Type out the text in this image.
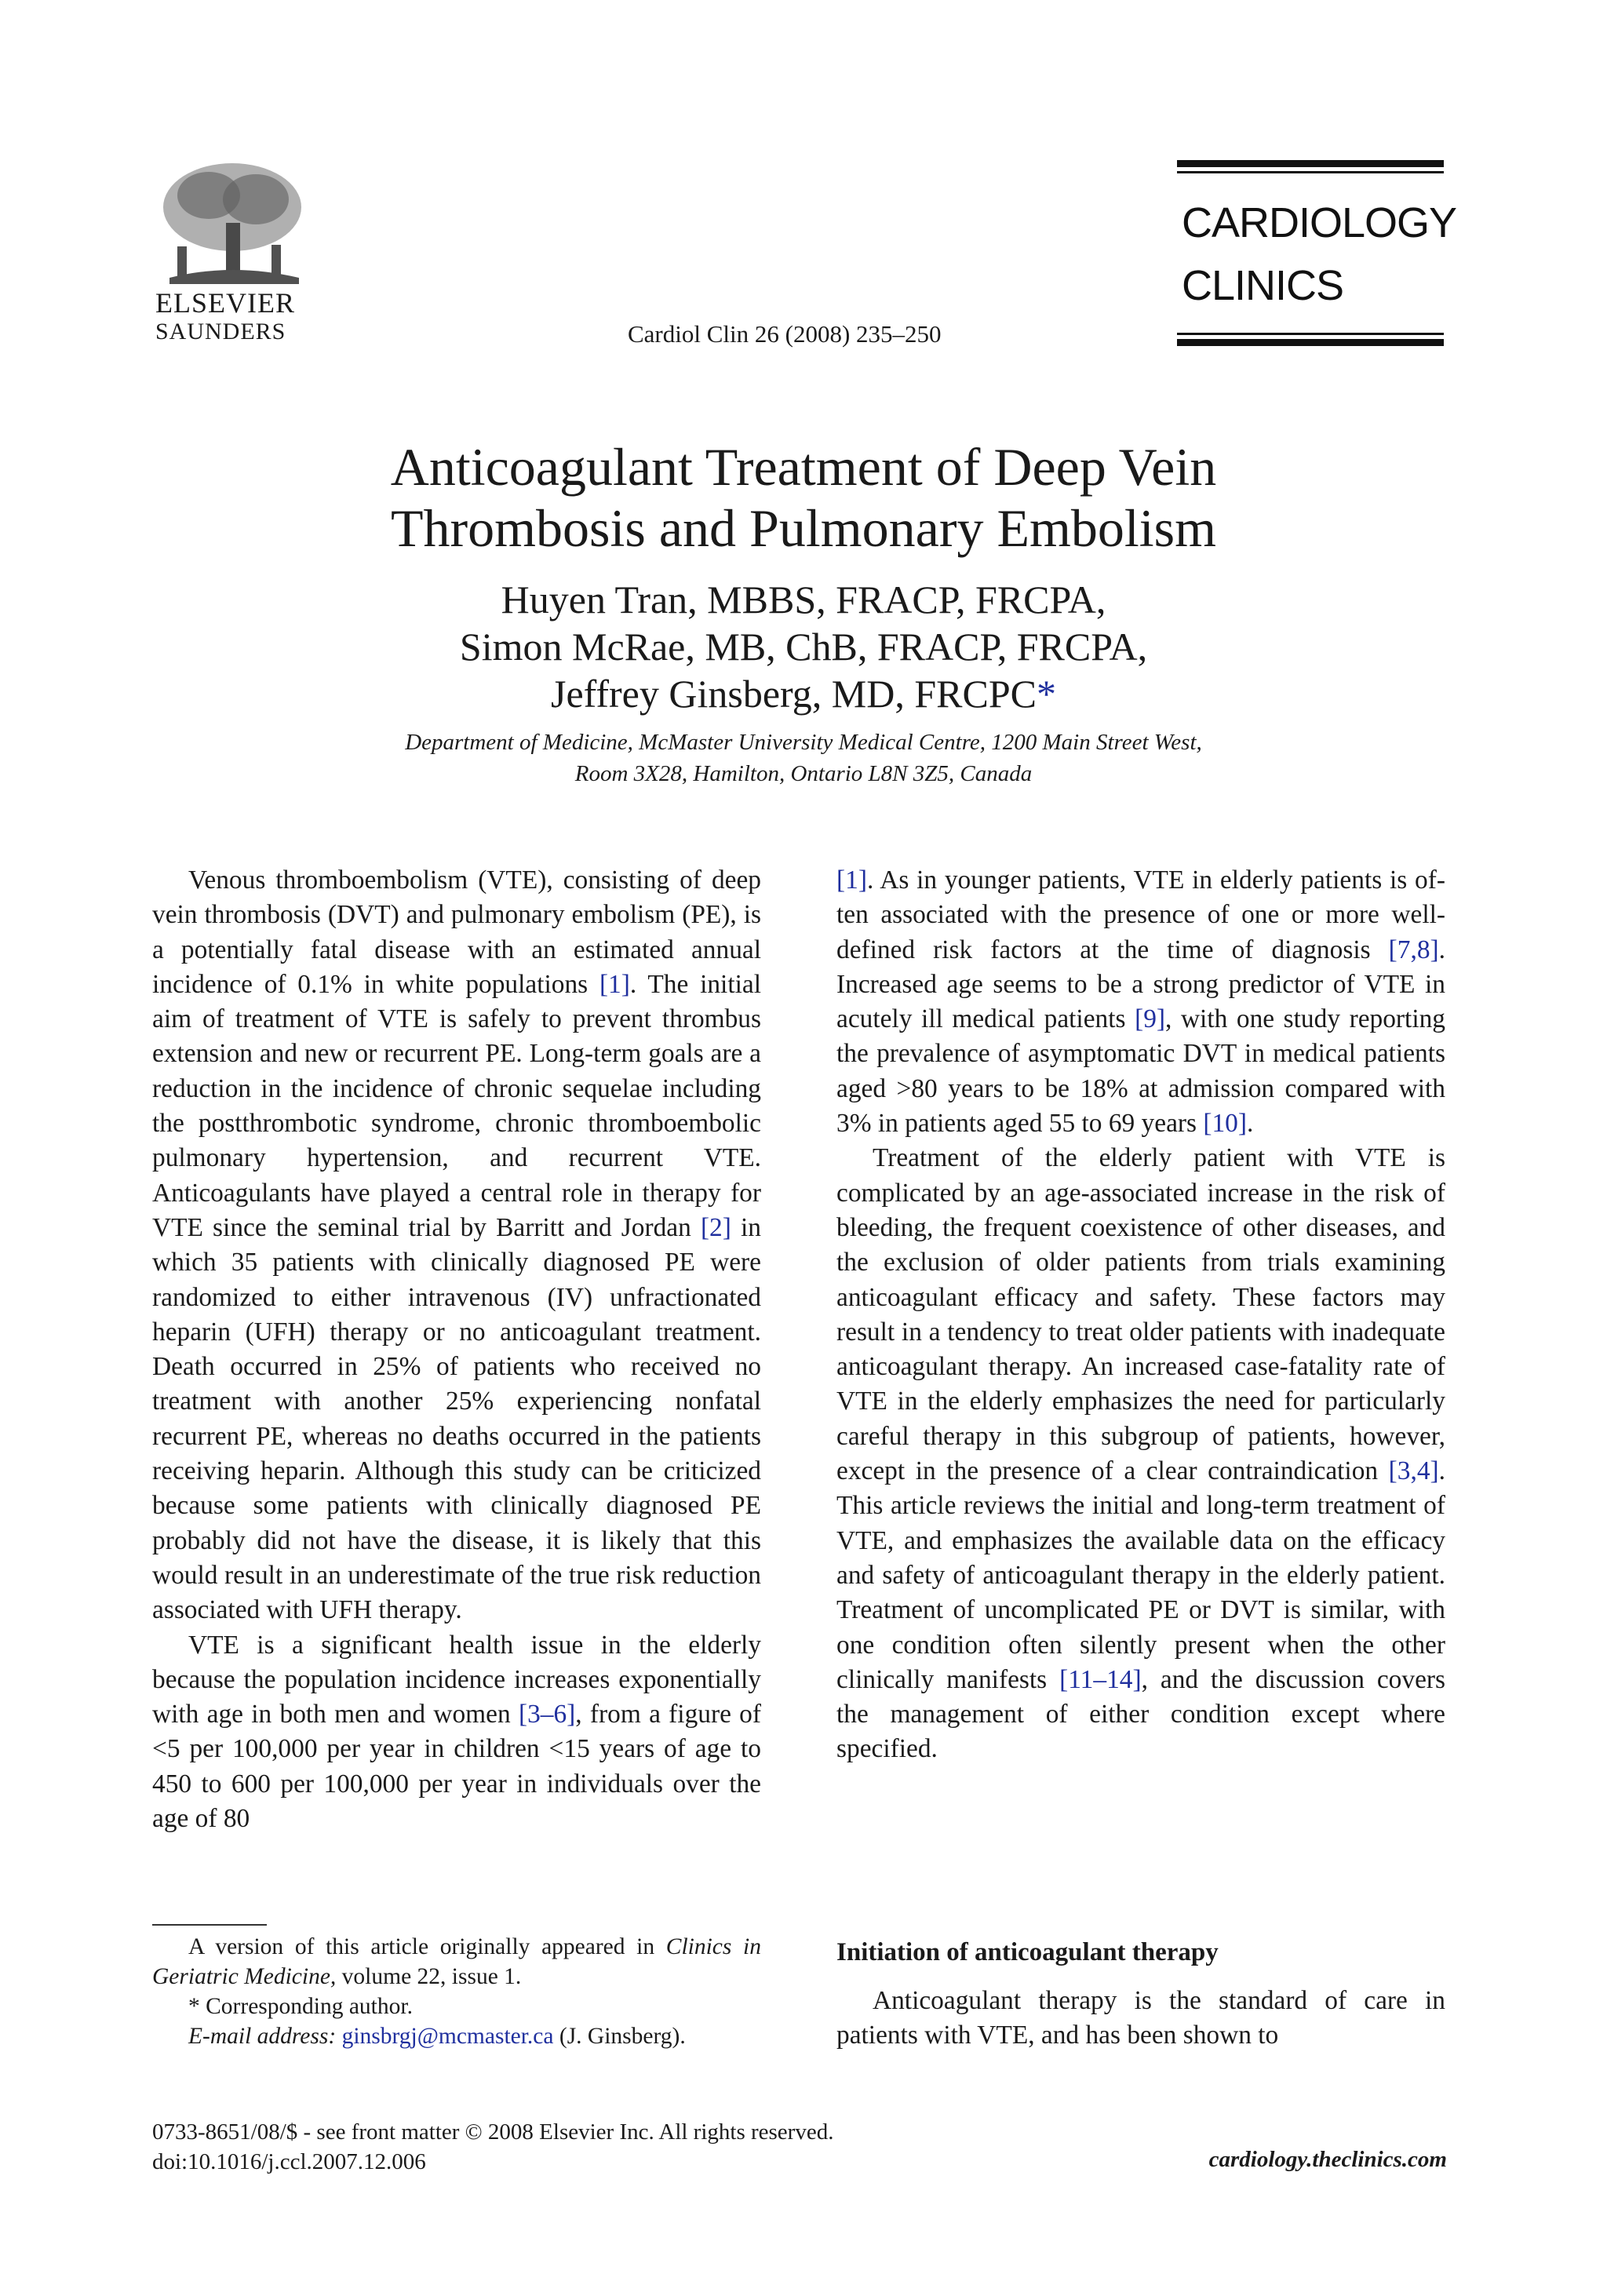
ELSEVIER
SAUNDERS	Cardiol Clin 26 (2008) 235–250
CARDIOLOGY
CLINICS
Anticoagulant Treatment of Deep Vein
Thrombosis and Pulmonary Embolism
Huyen Tran, MBBS, FRACP, FRCPA,
Simon McRae, MB, ChB, FRACP, FRCPA,
Jeffrey Ginsberg, MD, FRCPC*
Department of Medicine, McMaster University Medical Centre, 1200 Main Street West,
Room 3X28, Hamilton, Ontario L8N 3Z5, Canada

Venous thromboembolism (VTE), consisting of deep vein thrombosis (DVT) and pulmonary embolism (PE), is a potentially fatal disease with an estimated annual incidence of 0.1% in white populations [1]. The initial aim of treatment of VTE is safely to prevent thrombus extension and new or recurrent PE. Long-term goals are a reduction in the incidence of chronic sequelae including the postthrombotic syndrome, chronic thromboembolic pulmonary hypertension, and recurrent VTE. Anticoagulants have played a central role in therapy for VTE since the seminal trial by Barritt and Jordan [2] in which 35 patients with clinically diagnosed PE were randomized to either intravenous (IV) unfractionated heparin (UFH) therapy or no anticoagulant treatment. Death occurred in 25% of patients who received no treatment with another 25% experiencing nonfatal recurrent PE, whereas no deaths occurred in the patients receiving heparin. Although this study can be criticized because some patients with clinically diagnosed PE probably did not have the disease, it is likely that this would result in an underestimate of the true risk reduction associated with UFH therapy.

VTE is a significant health issue in the elderly because the population incidence increases exponentially with age in both men and women [3–6], from a figure of <5 per 100,000 per year in children <15 years of age to 450 to 600 per 100,000 per year in individuals over the age of 80

[1]. As in younger patients, VTE in elderly patients is often associated with the presence of one or more well-defined risk factors at the time of diagnosis [7,8]. Increased age seems to be a strong predictor of VTE in acutely ill medical patients [9], with one study reporting the prevalence of asymptomatic DVT in medical patients aged >80 years to be 18% at admission compared with 3% in patients aged 55 to 69 years [10].

Treatment of the elderly patient with VTE is complicated by an age-associated increase in the risk of bleeding, the frequent coexistence of other diseases, and the exclusion of older patients from trials examining anticoagulant efficacy and safety. These factors may result in a tendency to treat older patients with inadequate anticoagulant therapy. An increased case-fatality rate of VTE in the elderly emphasizes the need for particularly careful therapy in this subgroup of patients, however, except in the presence of a clear contraindication [3,4]. This article reviews the initial and long-term treatment of VTE, and emphasizes the available data on the efficacy and safety of anticoagulant therapy in the elderly patient. Treatment of uncomplicated PE or DVT is similar, with one condition often silently present when the other clinically manifests [11–14], and the discussion covers the management of either condition except where specified.

A version of this article originally appeared in Clinics in Geriatric Medicine, volume 22, issue 1.

* Corresponding author.

E-mail address: ginsbrgj@mcmaster.ca (J. Ginsberg).

Initiation of anticoagulant therapy

Anticoagulant therapy is the standard of care in patients with VTE, and has been shown to

0733-8651/08/$ - see front matter © 2008 Elsevier Inc. All rights reserved.
doi:10.1016/j.ccl.2007.12.006	cardiology.theclinics.com
